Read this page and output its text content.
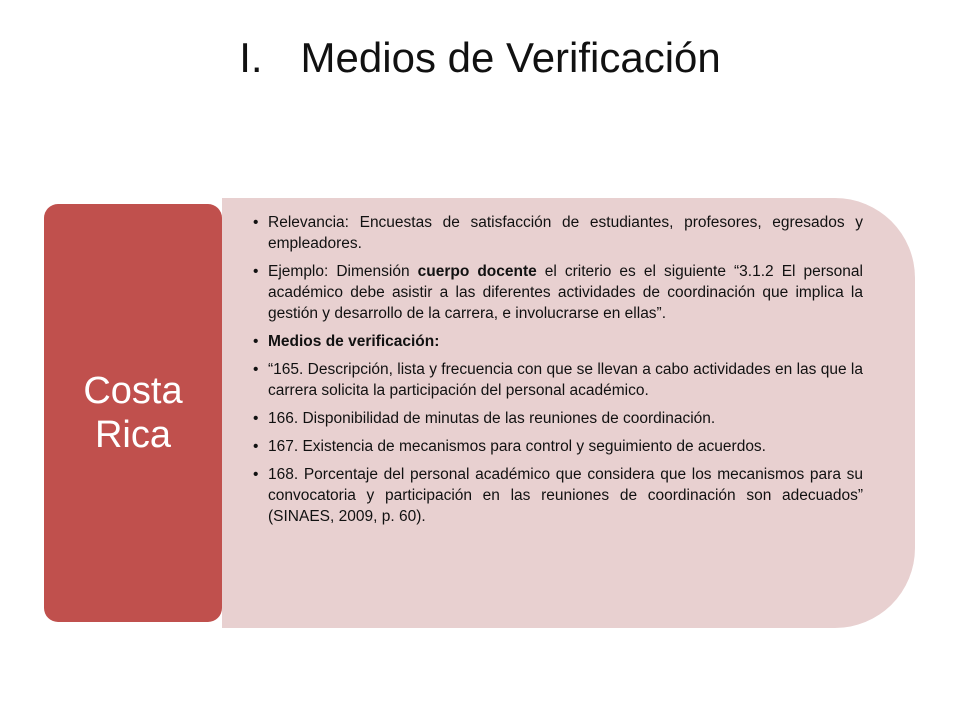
I. Medios de Verificación
Costa Rica
• Relevancia: Encuestas de satisfacción de estudiantes, profesores, egresados y empleadores.
• Ejemplo: Dimensión cuerpo docente el criterio es el siguiente “3.1.2 El personal académico debe asistir a las diferentes actividades de coordinación que implica la gestión y desarrollo de la carrera, e involucrarse en ellas”.
• Medios de verificación:
• “165. Descripción, lista y frecuencia con que se llevan a cabo actividades en las que la carrera solicita la participación del personal académico.
• 166. Disponibilidad de minutas de las reuniones de coordinación.
• 167. Existencia de mecanismos para control y seguimiento de acuerdos.
• 168. Porcentaje del personal académico que considera que los mecanismos para su convocatoria y participación en las reuniones de coordinación son adecuados” (SINAES, 2009, p. 60).
